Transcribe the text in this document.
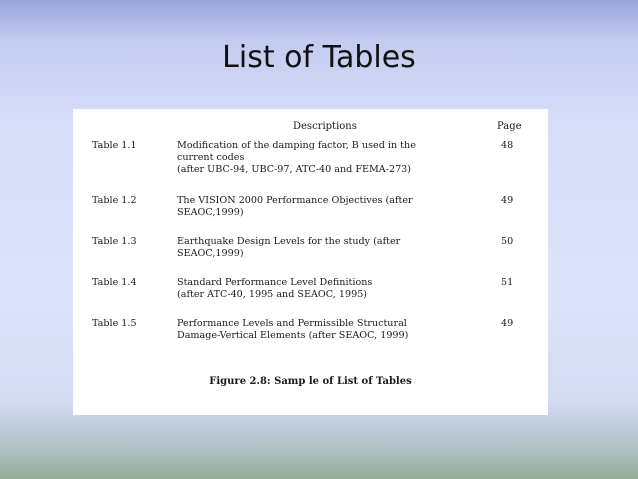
List of Tables
Descriptions	Page
Table 1.1	Modification of the damping factor, B used in the
current codes
(after UBC-94, UBC-97, ATC-40 and FEMA-273)
48
Table 1.2	The VISION 2000 Performance Objectives (after
SEAOC,1999)
49
Table 1.3	Earthquake Design Levels for the study (after
SEAOC,1999)
50
Table 1.4	Standard Performance Level Definitions
(after ATC-40, 1995 and SEAOC, 1995)
51
Table 1.5	Performance Levels and Permissible Structural
Damage-Vertical Elements (after SEAOC, 1999)
49
Figure 2.8: Samp le of List of Tables
